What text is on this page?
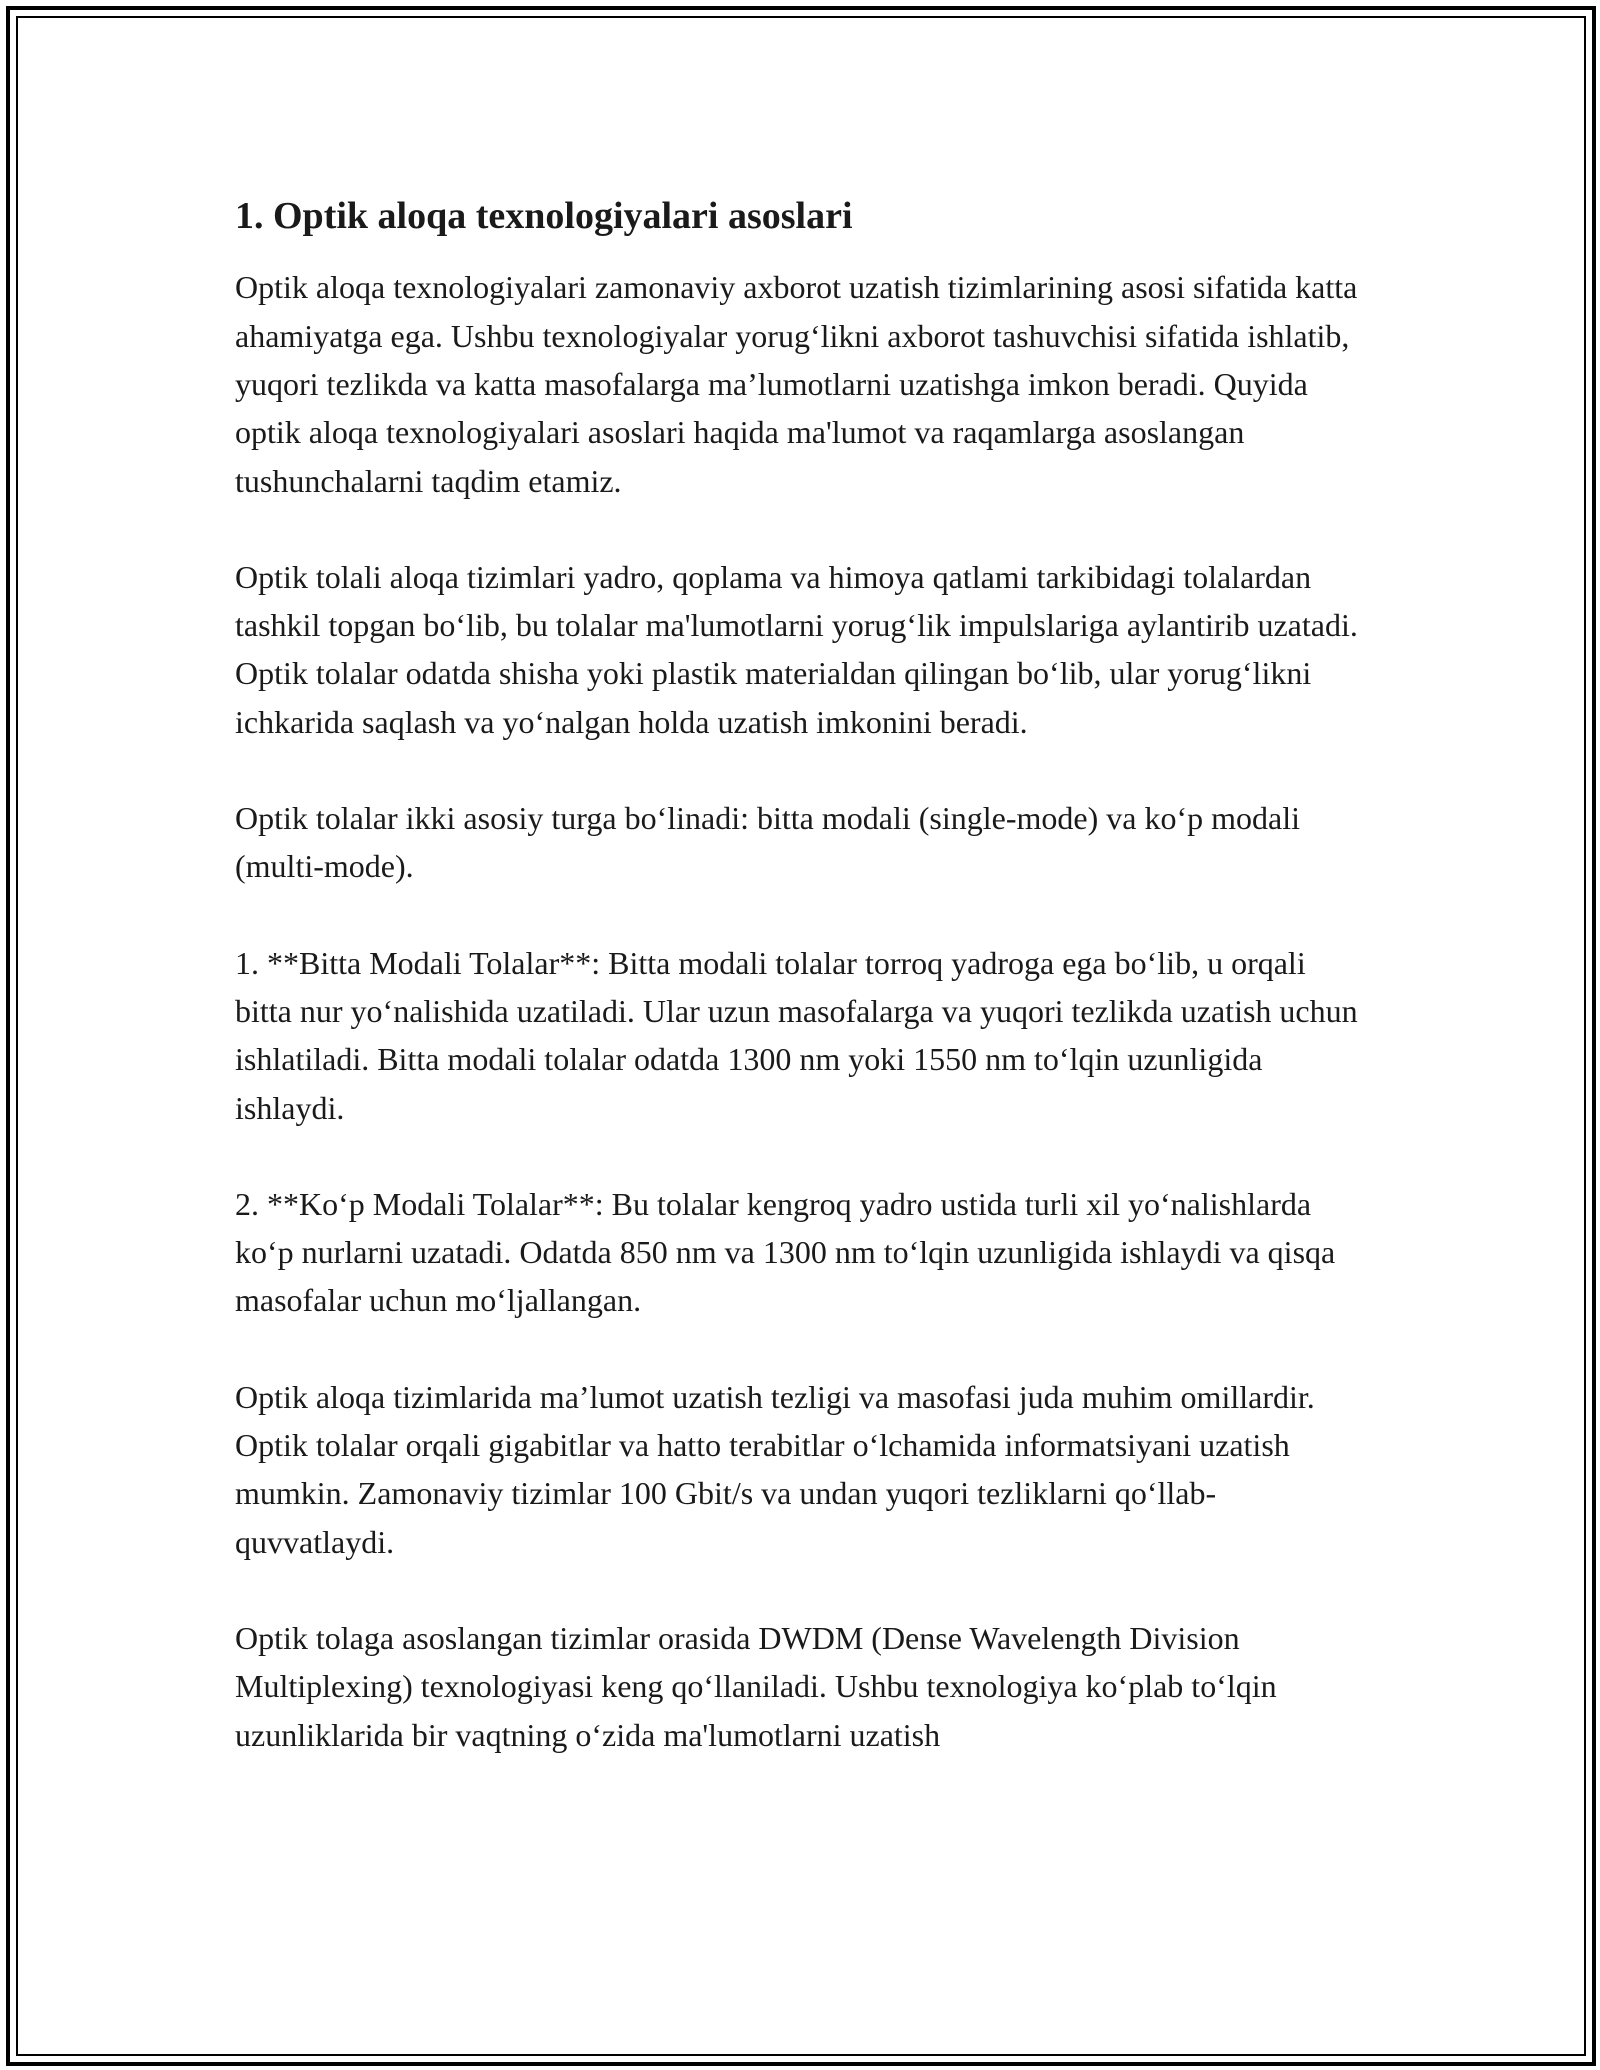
1. Optik aloqa texnologiyalari asoslari

Optik aloqa texnologiyalari zamonaviy axborot uzatish tizimlarining asosi sifatida katta ahamiyatga ega. Ushbu texnologiyalar yorug‘likni axborot tashuvchisi sifatida ishlatib, yuqori tezlikda va katta masofalarga ma’lumotlarni uzatishga imkon beradi. Quyida optik aloqa texnologiyalari asoslari haqida ma'lumot va raqamlarga asoslangan tushunchalarni taqdim etamiz.

Optik tolali aloqa tizimlari yadro, qoplama va himoya qatlami tarkibidagi tolalardan tashkil topgan bo‘lib, bu tolalar ma'lumotlarni yorug‘lik impulslariga aylantirib uzatadi. Optik tolalar odatda shisha yoki plastik materialdan qilingan bo‘lib, ular yorug‘likni ichkarida saqlash va yo‘nalgan holda uzatish imkonini beradi.

Optik tolalar ikki asosiy turga bo‘linadi: bitta modali (single-mode) va ko‘p modali (multi-mode).

1. **Bitta Modali Tolalar**: Bitta modali tolalar torroq yadroga ega bo‘lib, u orqali bitta nur yo‘nalishida uzatiladi. Ular uzun masofalarga va yuqori tezlikda uzatish uchun ishlatiladi. Bitta modali tolalar odatda 1300 nm yoki 1550 nm to‘lqin uzunligida ishlaydi.

2. **Ko‘p Modali Tolalar**: Bu tolalar kengroq yadro ustida turli xil yo‘nalishlarda ko‘p nurlarni uzatadi. Odatda 850 nm va 1300 nm to‘lqin uzunligida ishlaydi va qisqa masofalar uchun mo‘ljallangan.

Optik aloqa tizimlarida ma’lumot uzatish tezligi va masofasi juda muhim omillardir. Optik tolalar orqali gigabitlar va hatto terabitlar o‘lchamida informatsiyani uzatish mumkin. Zamonaviy tizimlar 100 Gbit/s va undan yuqori tezliklarni qo‘llab-quvvatlaydi.

Optik tolaga asoslangan tizimlar orasida DWDM (Dense Wavelength Division Multiplexing) texnologiyasi keng qo‘llaniladi. Ushbu texnologiya ko‘plab to‘lqin uzunliklarida bir vaqtning o‘zida ma'lumotlarni uzatish
